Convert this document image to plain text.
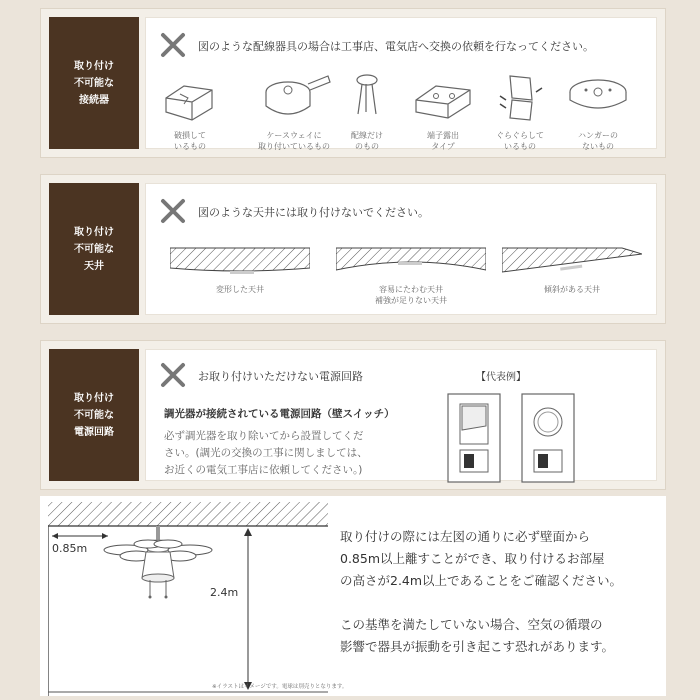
取り付け
不可能な
接続器
図のような配線器具の場合は工事店、電気店へ交換の依頼を行なってください。
破損して
いるもの
ケースウェイに
取り付いているもの
配線だけ
のもの
端子露出
タイプ
ぐらぐらして
いるもの
ハンガーの
ないもの
取り付け
不可能な
天井
図のような天井には取り付けないでください。
変形した天井	容易にたわむ天井
補強が足りない天井
傾斜がある天井
取り付け
不可能な
電源回路
お取り付けいただけない電源回路
調光器が接続されている電源回路（壁スイッチ）
必ず調光器を取り除いてから設置してくだ
さい。(調光の交換の工事に関しましては、
お近くの電気工事店に依頼してください。)
【代表例】
0.85m
2.4m
※イラストはイメージです。電球は別売りとなります。
取り付けの際には左図の通りに必ず壁面から
0.85m以上離すことができ、取り付けるお部屋
の高さが2.4m以上であることをご確認ください。
この基準を満たしていない場合、空気の循環の
影響で器具が振動を引き起こす恐れがあります。
